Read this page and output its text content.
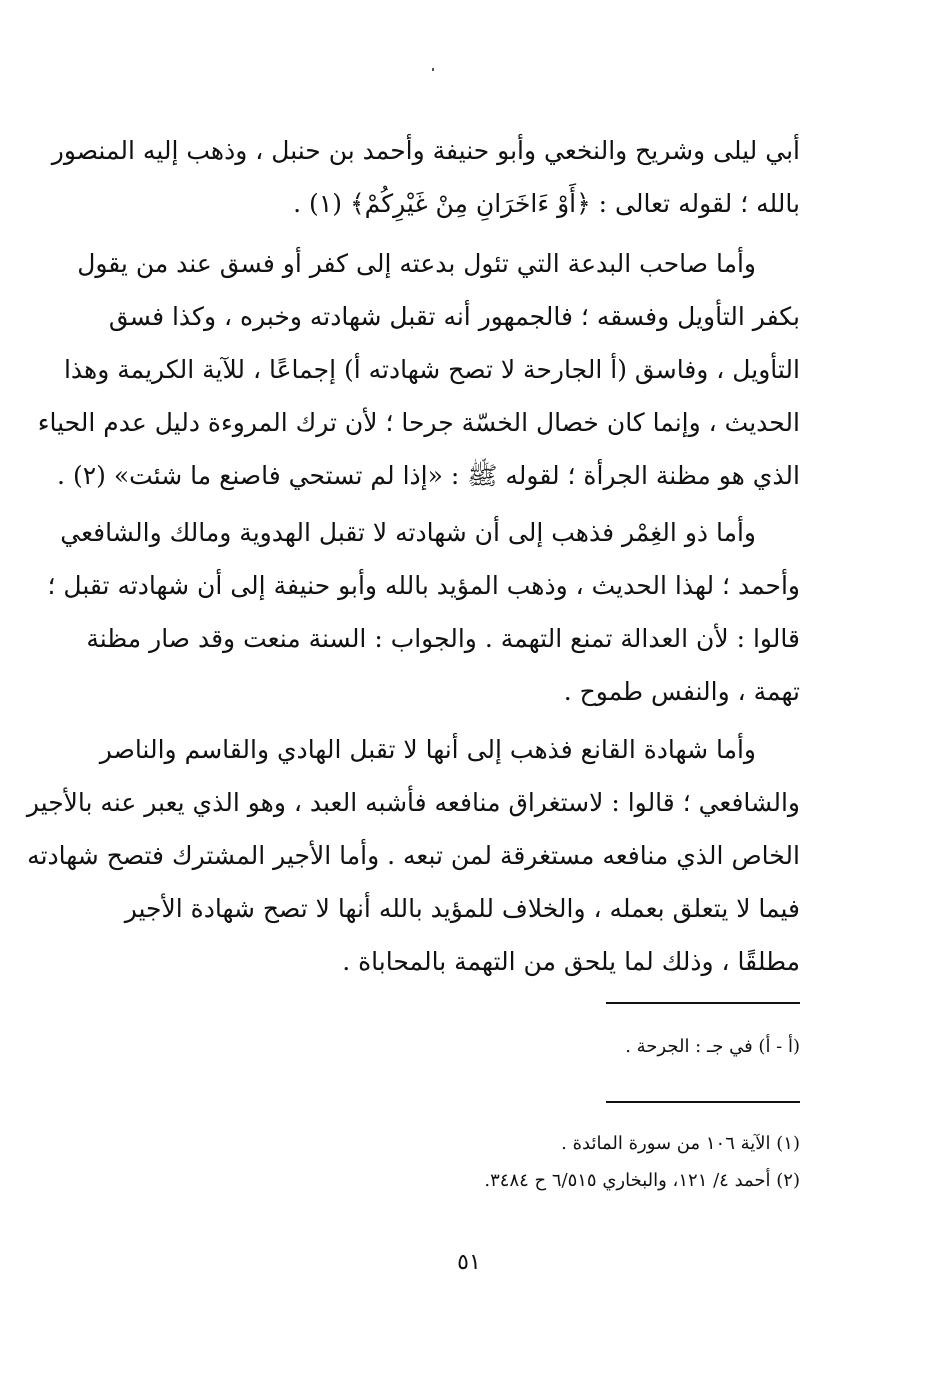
أبي ليلى وشريح والنخعي وأبو حنيفة وأحمد بن حنبل ، وذهب إليه المنصور
بالله ؛ لقوله تعالى : ﴿أَوْ ءَاخَرَانِ مِنْ غَيْرِكُمْ﴾ (١) .
وأما صاحب البدعة التي تئول بدعته إلى كفر أو فسق عند من يقول
بكفر التأويل وفسقه ؛ فالجمهور أنه تقبل شهادته وخبره ، وكذا فسق
التأويل ، وفاسق (أ الجارحة لا تصح شهادته أ) إجماعًا ، للآية الكريمة وهذا
الحديث ، وإنما كان خصال الخسّة جرحا ؛ لأن ترك المروءة دليل عدم الحياء
الذي هو مظنة الجرأة ؛ لقوله ﷺ : «إذا لم تستحي فاصنع ما شئت» (٢) .
وأما ذو الغِمْر فذهب إلى أن شهادته لا تقبل الهدوية ومالك والشافعي
وأحمد ؛ لهذا الحديث ، وذهب المؤيد بالله وأبو حنيفة إلى أن شهادته تقبل ؛
قالوا : لأن العدالة تمنع التهمة . والجواب : السنة منعت وقد صار مظنة
تهمة ، والنفس طموح .
وأما شهادة القانع فذهب إلى أنها لا تقبل الهادي والقاسم والناصر
والشافعي ؛ قالوا : لاستغراق منافعه فأشبه العبد ، وهو الذي يعبر عنه بالأجير
الخاص الذي منافعه مستغرقة لمن تبعه . وأما الأجير المشترك فتصح شهادته
فيما لا يتعلق بعمله ، والخلاف للمؤيد بالله أنها لا تصح شهادة الأجير
مطلقًا ، وذلك لما يلحق من التهمة بالمحاباة .
(أ - أ) في جـ : الجرحة .
(١) الآية ١٠٦ من سورة المائدة .
(٢) أحمد ٤/ ١٢١، والبخاري ٦/٥١٥ ح ٣٤٨٤.
٥١
